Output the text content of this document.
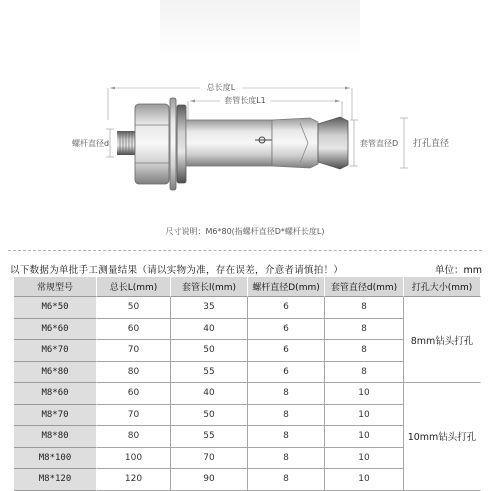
总长度L
套管长度L1
螺杆直径d	套管直径D 打孔直径
尺寸说明：M6*80(指螺杆直径D*螺杆长度L)
以下数据为单批手工测量结果（请以实物为准，存在误差，介意者请慎拍！）	单位：mm
常规型号	总长L(mm)	套管长l(mm)	螺杆直径D(mm)	套管直径d(mm)	打孔大小(mm)
M6*50	50	35	6	8	8mm钻头打孔
M6*60	60	40	6	8	
M6*70	70	50	6	8	
M6*80	80	55	6	8	
M8*60	60	40	8	10	10mm钻头打孔
M8*70	70	50	8	10	
M8*80	80	55	8	10	
M8*100	100	70	8	10	
M8*120	120	90	8	10	
